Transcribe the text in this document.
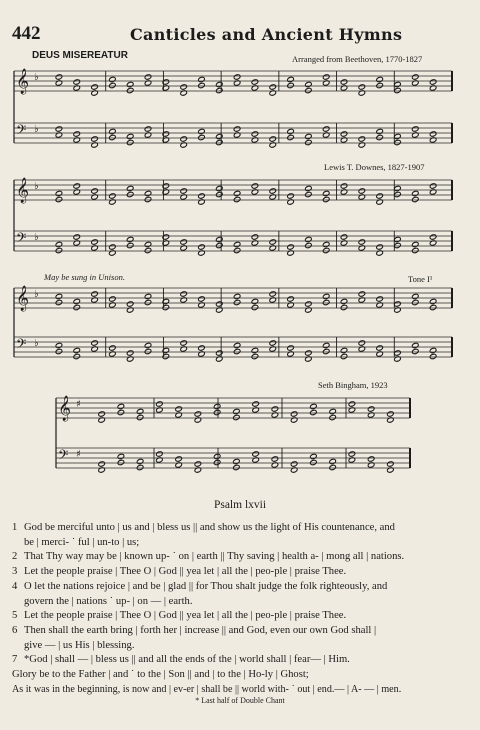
442	Canticles and Ancient Hymns
DEUS MISEREATUR	Arranged from Beethoven, 1770-1827
Lewis T. Downes, 1827-1907
May be sung in Unison.	Tone I¹
Seth Bingham, 1923
𝄞 ♭
𝄢 ♭
𝄞 ♭
𝄢 ♭
𝄞 ♭
𝄢 ♭
𝄞 ♯
𝄢 ♯
Psalm lxvii
1 God be merciful unto | us and | bless us || and show us the light of His countenance, and
be | merci- ˙ ful | un-to | us;
2 That Thy way may be | known up- ˙ on | earth || Thy saving | health a- | mong all | nations.
3 Let the people praise | Thee O | God || yea let | all the | peo-ple | praise Thee.
4 O let the nations rejoice | and be | glad || for Thou shalt judge the folk righteously, and
govern the | nations ˙ up- | on — | earth.
5 Let the people praise | Thee O | God || yea let | all the | peo-ple | praise Thee.
6 Then shall the earth bring | forth her | increase || and God, even our own God shall |
give — | us His | blessing.
7 *God | shall — | bless us || and all the ends of the | world shall | fear— | Him.
Glory be to the Father | and ˙ to the | Son || and | to the | Ho-ly | Ghost;
As it was in the beginning, is now and | ev-er | shall be || world with- ˙ out | end.— | A- — | men.
* Last half of Double Chant
